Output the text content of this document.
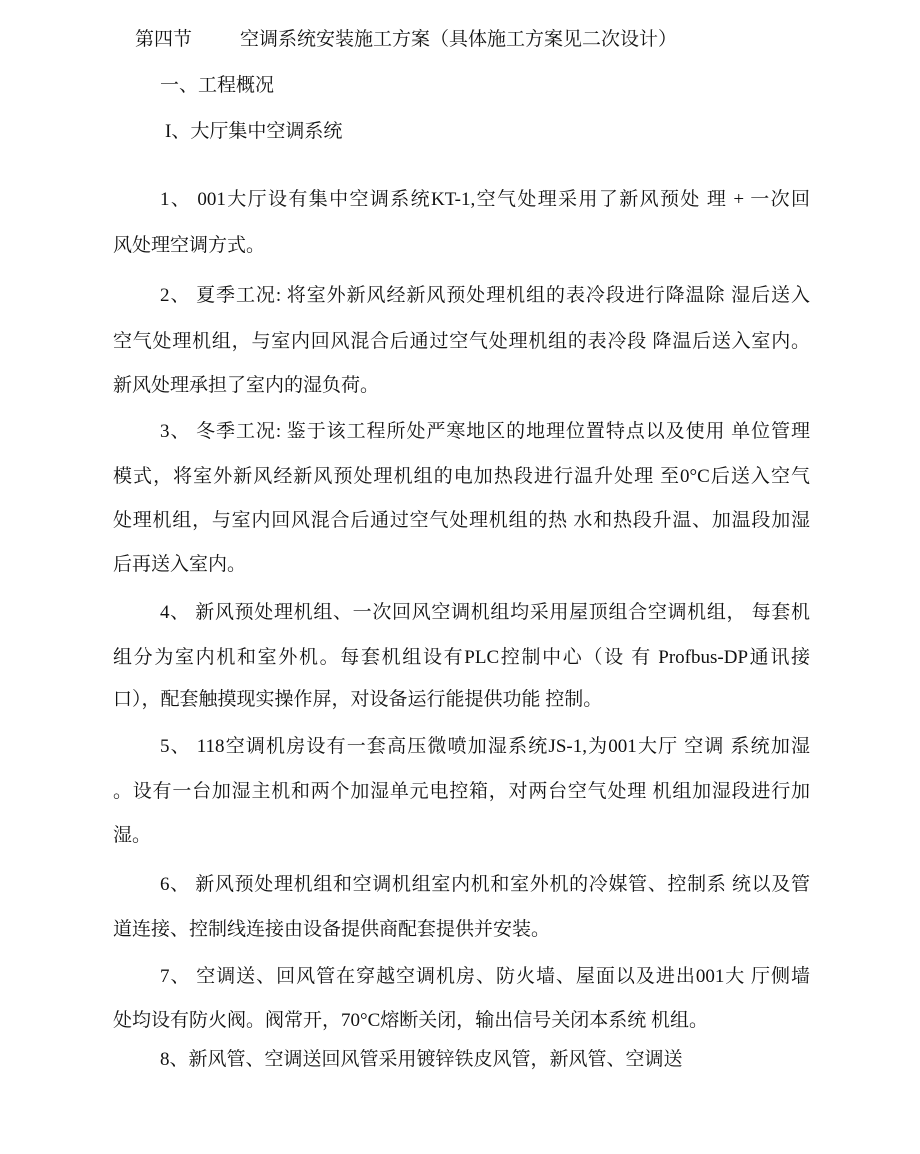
第四节	空调系统安装施工方案（具体施工方案见二次设计）
一、工程概况
I、大厅集中空调系统
1、 001大厅设有集中空调系统KT-1,空气处理采用了新风预处 理 + 一次回
风处理空调方式。
2、 夏季工况: 将室外新风经新风预处理机组的表冷段进行降温除 湿后送入
空气处理机组，与室内回风混合后通过空气处理机组的表冷段 降温后送入室内。
新风处理承担了室内的湿负荷。
3、 冬季工况: 鉴于该工程所处严寒地区的地理位置特点以及使用 单位管理
模式，将室外新风经新风预处理机组的电加热段进行温升处理 至0°C后送入空气
处理机组，与室内回风混合后通过空气处理机组的热 水和热段升温、加温段加湿
后再送入室内。
4、 新风预处理机组、一次回风空调机组均采用屋顶组合空调机组， 每套机
组分为室内机和室外机。每套机组设有PLC控制中心（设 有 Profbus-DP通讯接
口），配套触摸现实操作屏，对设备运行能提供功能 控制。
5、 118空调机房设有一套高压微喷加湿系统JS-1,为001大厅 空调 系统加湿
。设有一台加湿主机和两个加湿单元电控箱，对两台空气处理 机组加湿段进行加
湿。
6、 新风预处理机组和空调机组室内机和室外机的冷媒管、控制系 统以及管
道连接、控制线连接由设备提供商配套提供并安装。
7、 空调送、回风管在穿越空调机房、防火墙、屋面以及进出001大 厅侧墙
处均设有防火阀。阀常开，70°C熔断关闭，输出信号关闭本系统 机组。
8、新风管、空调送回风管采用镀锌铁皮风管，新风管、空调送
